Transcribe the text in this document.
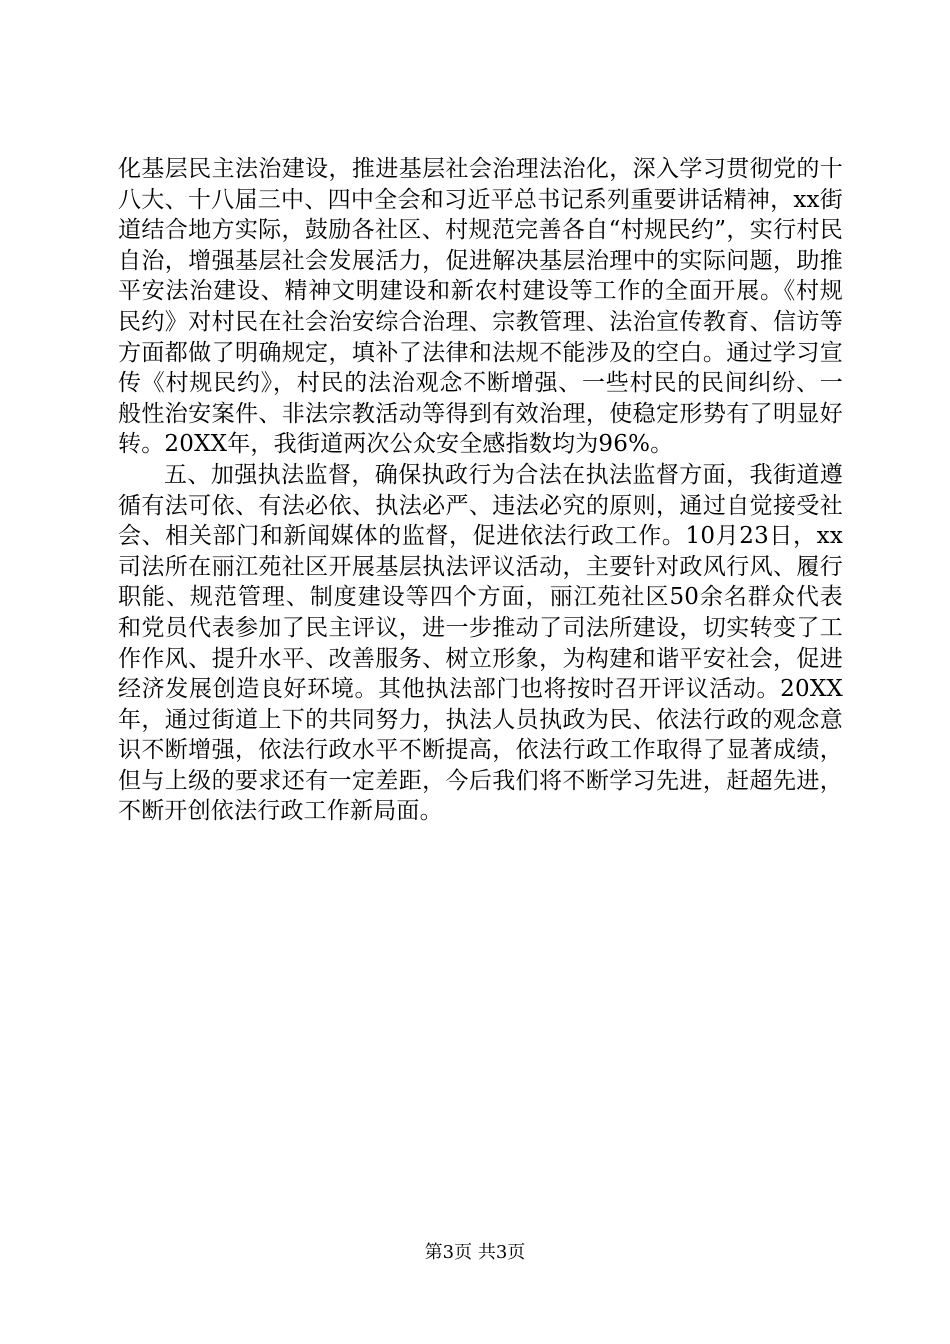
化基层民主法治建设，推进基层社会治理法治化，深入学习贯彻党的十八大、十八届三中、四中全会和习近平总书记系列重要讲话精神，xx街道结合地方实际，鼓励各社区、村规范完善各自“村规民约”，实行村民自治，增强基层社会发展活力，促进解决基层治理中的实际问题，助推平安法治建设、精神文明建设和新农村建设等工作的全面开展。《村规民约》对村民在社会治安综合治理、宗教管理、法治宣传教育、信访等方面都做了明确规定，填补了法律和法规不能涉及的空白。通过学习宣传《村规民约》，村民的法治观念不断增强、一些村民的民间纠纷、一般性治安案件、非法宗教活动等得到有效治理，使稳定形势有了明显好转。20XX年，我街道两次公众安全感指数均为96%。

五、加强执法监督，确保执政行为合法在执法监督方面，我街道遵循有法可依、有法必依、执法必严、违法必究的原则，通过自觉接受社会、相关部门和新闻媒体的监督，促进依法行政工作。10月23日，xx司法所在丽江苑社区开展基层执法评议活动，主要针对政风行风、履行职能、规范管理、制度建设等四个方面，丽江苑社区50余名群众代表和党员代表参加了民主评议，进一步推动了司法所建设，切实转变了工作作风、提升水平、改善服务、树立形象，为构建和谐平安社会，促进经济发展创造良好环境。其他执法部门也将按时召开评议活动。20XX年，通过街道上下的共同努力，执法人员执政为民、依法行政的观念意识不断增强，依法行政水平不断提高，依法行政工作取得了显著成绩，但与上级的要求还有一定差距，今后我们将不断学习先进，赶超先进，不断开创依法行政工作新局面。

第3页 共3页
